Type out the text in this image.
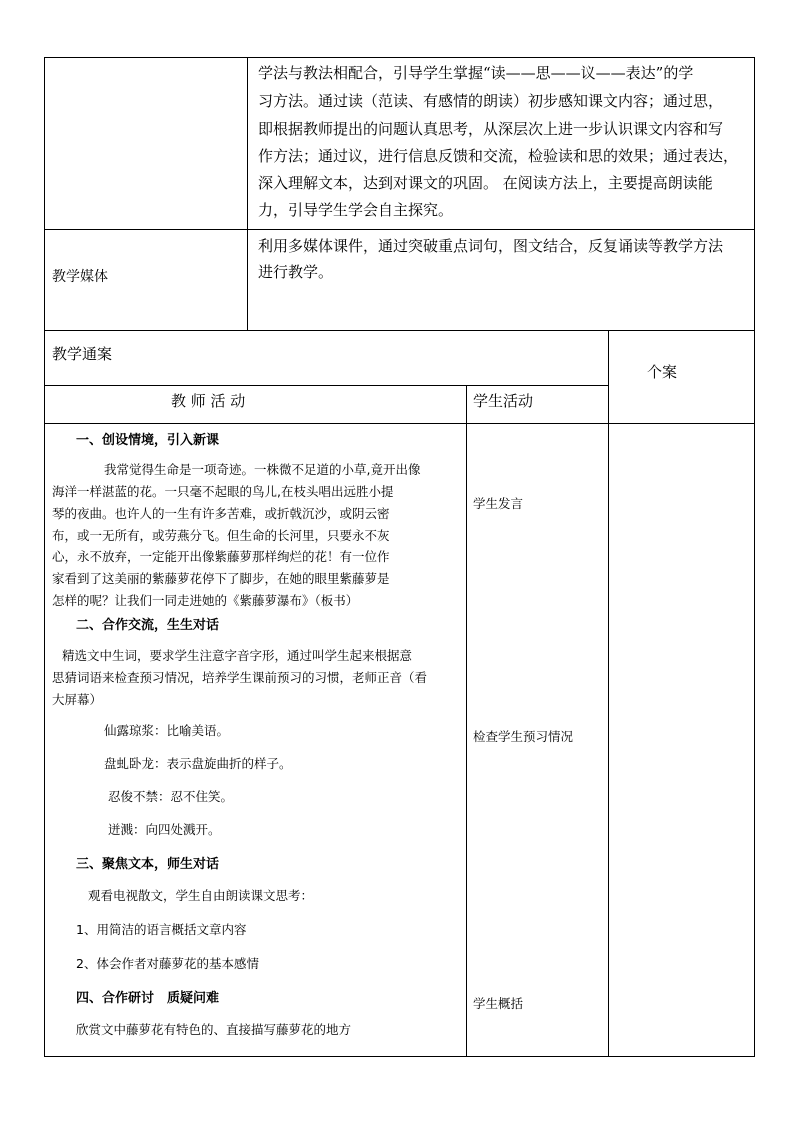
学法与教法相配合，引导学生掌握“读——思——议——表达”的学
习方法。通过读（范读、有感情的朗读）初步感知课文内容；通过思，
即根据教师提出的问题认真思考，从深层次上进一步认识课文内容和写
作方法；通过议，进行信息反馈和交流，检验读和思的效果；通过表达，
深入理解文本，达到对课文的巩固。 在阅读方法上，主要提高朗读能
力，引导学生学会自主探究。
教学媒体
利用多媒体课件，通过突破重点词句，图文结合，反复诵读等教学方法
进行教学。
教学通案
个案
教 师 活 动	学生活动
一、创设情境，引入新课
我常觉得生命是一项奇迹。一株微不足道的小草,竟开出像
海洋一样湛蓝的花。一只毫不起眼的鸟儿,在枝头唱出远胜小提
琴的夜曲。也许人的一生有许多苦难，或折戟沉沙，或阴云密
布，或一无所有，或劳燕分飞。但生命的长河里，只要永不灰
心，永不放弃，一定能开出像紫藤萝那样绚烂的花！有一位作
家看到了这美丽的紫藤萝花停下了脚步，在她的眼里紫藤萝是
怎样的呢？让我们一同走进她的《紫藤萝瀑布》（板书）
二、合作交流，生生对话
精选文中生词，要求学生注意字音字形，通过叫学生起来根据意
思猜词语来检查预习情况，培养学生课前预习的习惯，老师正音（看
大屏幕）
仙露琼浆：比喻美语。
盘虬卧龙：表示盘旋曲折的样子。
忍俊不禁：忍不住笑。
迸溅：向四处溅开。
三、聚焦文本，师生对话
观看电视散文，学生自由朗读课文思考：
1、用简洁的语言概括文章内容
2、体会作者对藤萝花的基本感情
四、合作研讨　质疑问难
欣赏文中藤萝花有特色的、直接描写藤萝花的地方
学生发言
检查学生预习情况
学生概括
